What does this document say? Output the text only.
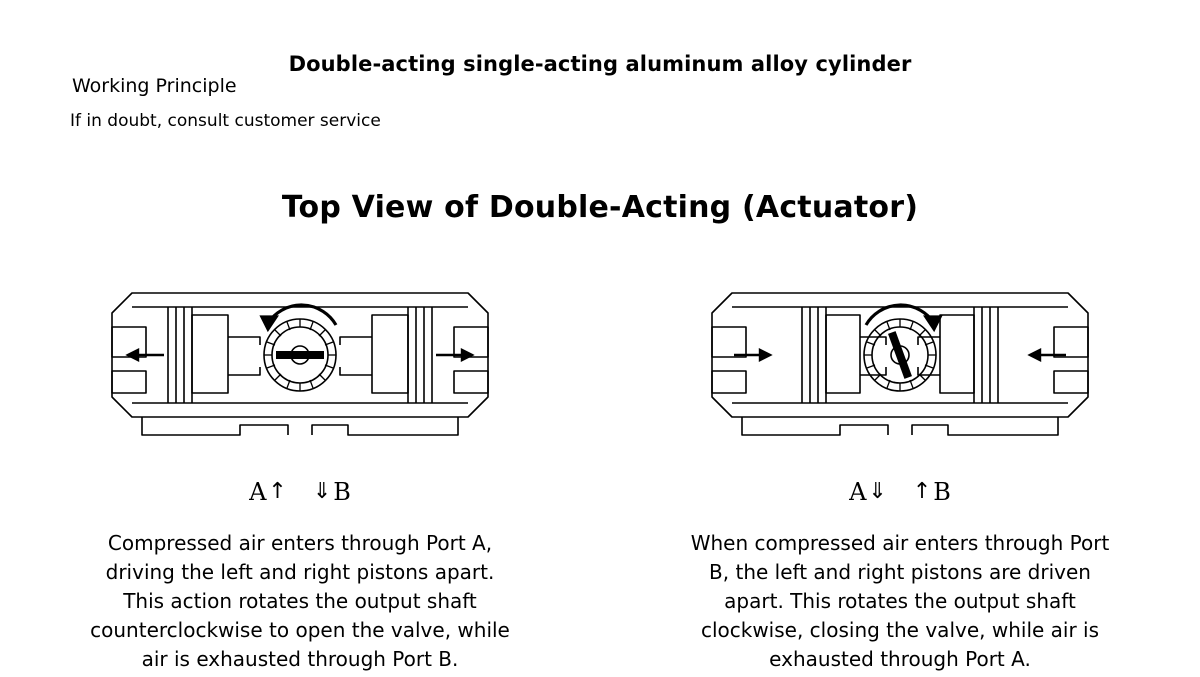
Double-acting single-acting aluminum alloy cylinder
Working Principle
If in doubt, consult customer service
Top View of Double-Acting (Actuator)
A ↑ ⇓ B
Compressed air enters through Port A, driving the left and right pistons apart. This action rotates the output shaft counterclockwise to open the valve, while air is exhausted through Port B.
A ⇓ ↑ B
When compressed air enters through Port B, the left and right pistons are driven apart. This rotates the output shaft clockwise, closing the valve, while air is exhausted through Port A.
